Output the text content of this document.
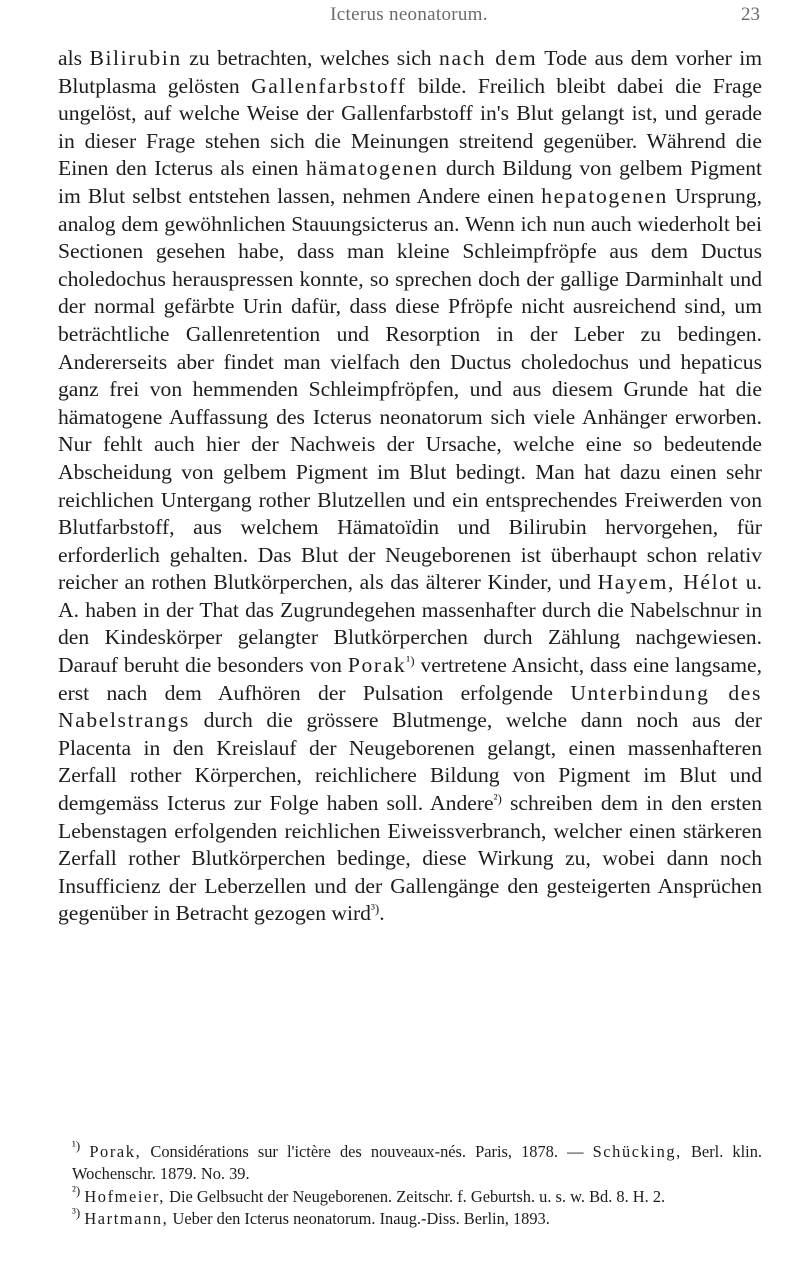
Icterus neonatorum.	23

als Bilirubin zu betrachten, welches sich nach dem Tode aus dem vorher im Blutplasma gelösten Gallenfarbstoff bilde. Freilich bleibt dabei die Frage ungelöst, auf welche Weise der Gallenfarbstoff in's Blut gelangt ist, und gerade in dieser Frage stehen sich die Meinungen streitend gegenüber. Während die Einen den Icterus als einen hämatogenen durch Bildung von gelbem Pigment im Blut selbst entstehen lassen, nehmen Andere einen hepatogenen Ursprung, analog dem gewöhnlichen Stauungsicterus an. Wenn ich nun auch wiederholt bei Sectionen gesehen habe, dass man kleine Schleimpfröpfe aus dem Ductus choledochus herauspressen konnte, so sprechen doch der gallige Darminhalt und der normal gefärbte Urin dafür, dass diese Pfröpfe nicht ausreichend sind, um beträchtliche Gallenretention und Resorption in der Leber zu bedingen. Andererseits aber findet man vielfach den Ductus choledochus und hepaticus ganz frei von hemmenden Schleimpfröpfen, und aus diesem Grunde hat die hämatogene Auffassung des Icterus neonatorum sich viele Anhänger erworben. Nur fehlt auch hier der Nachweis der Ursache, welche eine so bedeutende Abscheidung von gelbem Pigment im Blut bedingt. Man hat dazu einen sehr reichlichen Untergang rother Blutzellen und ein entsprechendes Freiwerden von Blutfarbstoff, aus welchem Hämatoïdin und Bilirubin hervorgehen, für erforderlich gehalten. Das Blut der Neugeborenen ist überhaupt schon relativ reicher an rothen Blutkörperchen, als das älterer Kinder, und Hayem, Hélot u. A. haben in der That das Zugrundegehen massenhafter durch die Nabelschnur in den Kindeskörper gelangter Blutkörperchen durch Zählung nachgewiesen. Darauf beruht die besonders von Porak$^{^1)}$ vertretene Ansicht, dass eine langsame, erst nach dem Aufhören der Pulsation erfolgende Unterbindung des Nabelstrangs durch die grössere Blutmenge, welche dann noch aus der Placenta in den Kreislauf der Neugeborenen gelangt, einen massenhafteren Zerfall rother Körperchen, reichlichere Bildung von Pigment im Blut und demgemäss Icterus zur Folge haben soll. Andere$^{^2)}$ schreiben dem in den ersten Lebenstagen erfolgenden reichlichen Eiweissverbranch, welcher einen stärkeren Zerfall rother Blutkörperchen bedinge, diese Wirkung zu, wobei dann noch Insufficienz der Leberzellen und der Gallengänge den gesteigerten Ansprüchen gegenüber in Betracht gezogen wird$^{^3)}$.

$^{^1)}$ Porak, Considérations sur l'ictère des nouveaux-nés. Paris, 1878. — Schücking, Berl. klin. Wochenschr. 1879. No. 39.

$^{^2)}$ Hofmeier, Die Gelbsucht der Neugeborenen. Zeitschr. f. Geburtsh. u. s. w. Bd. 8. H. 2.

$^{^3)}$ Hartmann, Ueber den Icterus neonatorum. Inaug.-Diss. Berlin, 1893.
